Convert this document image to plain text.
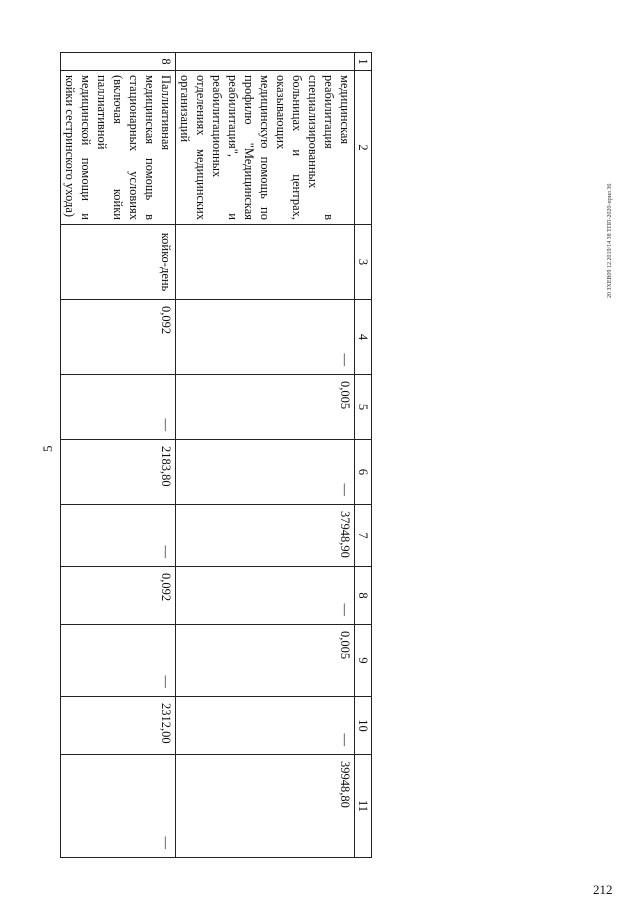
5
20 ЗХЕВ09 12.2019/14 38 ТПП-2020-прил 36
1	2	3	4	5	6	7	8	9	10	11
	медицинская реабилитация в специализированных больницах и центрах, оказывающих медицинскую помощь по профилю "Медицинская реабилитация", и реабилитационных отделениях медицинских организаций		—	0,005	—	37948,90	—	0,005	—	39948,80
8	Паллиативная медицинская помощь в стационарных условиях (включая койки паллиативной медицинской помощи и койки сестринского ухода)	койко-день	0,092	—	2183,80	—	0,092	—	2312,00	—
212
